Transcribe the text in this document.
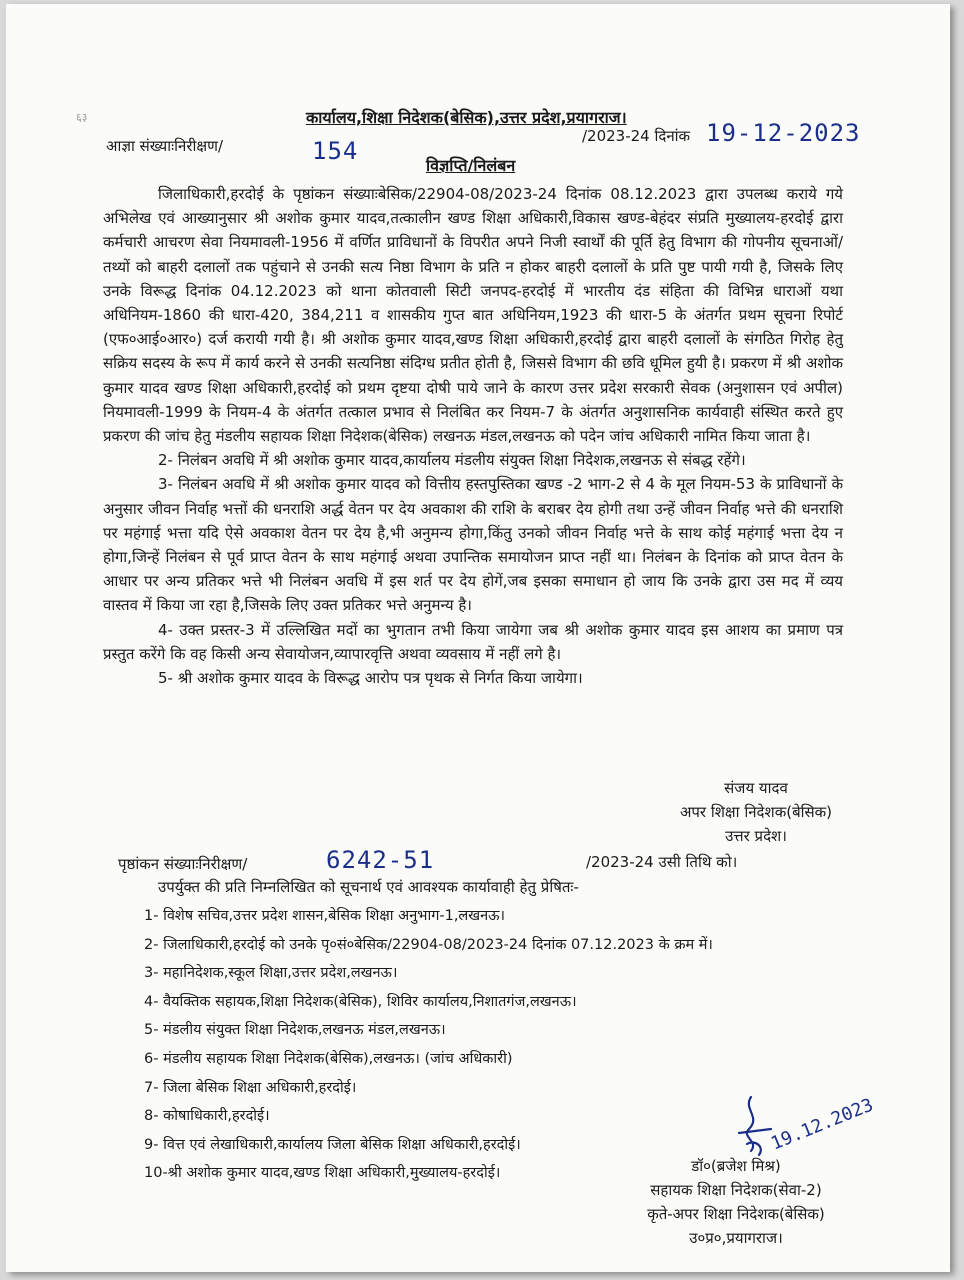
६३	कार्यालय,शिक्षा निदेशक(बेसिक),उत्तर प्रदेश,प्रयागराज।
आज्ञा संख्याःनिरीक्षण/	154
/2023-24 दिनांक 19-12-2023
विज्ञप्ति/निलंबन

जिलाधिकारी,हरदोई के पृष्ठांकन संख्याःबेसिक/22904-08/2023-24 दिनांक 08.12.2023 द्वारा उपलब्ध कराये गये अभिलेख एवं आख्यानुसार श्री अशोक कुमार यादव,तत्कालीन खण्ड शिक्षा अधिकारी,विकास खण्ड-बेहंदर संप्रति मुख्यालय-हरदोई द्वारा कर्मचारी आचरण सेवा नियमावली-1956 में वर्णित प्राविधानों के विपरीत अपने निजी स्वार्थों की पूर्ति हेतु विभाग की गोपनीय सूचनाओं/ तथ्यों को बाहरी दलालों तक पहुंचाने से उनकी सत्य निष्ठा विभाग के प्रति न होकर बाहरी दलालों के प्रति पुष्ट पायी गयी है, जिसके लिए उनके विरूद्ध दिनांक 04.12.2023 को थाना कोतवाली सिटी जनपद-हरदोई में भारतीय दंड संहिता की विभिन्न धाराओं यथा अधिनियम-1860 की धारा-420, 384,211 व शासकीय गुप्त बात अधिनियम,1923 की धारा-5 के अंतर्गत प्रथम सूचना रिपोर्ट (एफ०आई०आर०) दर्ज करायी गयी है। श्री अशोक कुमार यादव,खण्ड शिक्षा अधिकारी,हरदोई द्वारा बाहरी दलालों के संगठित गिरोह हेतु सक्रिय सदस्य के रूप में कार्य करने से उनकी सत्यनिष्ठा संदिग्ध प्रतीत होती है, जिससे विभाग की छवि धूमिल हुयी है। प्रकरण में श्री अशोक कुमार यादव खण्ड शिक्षा अधिकारी,हरदोई को प्रथम दृष्टया दोषी पाये जाने के कारण उत्तर प्रदेश सरकारी सेवक (अनुशासन एवं अपील) नियमावली-1999 के नियम-4 के अंतर्गत तत्काल प्रभाव से निलंबित कर नियम-7 के अंतर्गत अनुशासनिक कार्यवाही संस्थित करते हुए प्रकरण की जांच हेतु मंडलीय सहायक शिक्षा निदेशक(बेसिक) लखनऊ मंडल,लखनऊ को पदेन जांच अधिकारी नामित किया जाता है।

2- निलंबन अवधि में श्री अशोक कुमार यादव,कार्यालय मंडलीय संयुक्त शिक्षा निदेशक,लखनऊ से संबद्ध रहेंगे।

3- निलंबन अवधि में श्री अशोक कुमार यादव को वित्तीय हस्तपुस्तिका खण्ड -2 भाग-2 से 4 के मूल नियम-53 के प्राविधानों के अनुसार जीवन निर्वाह भत्तों की धनराशि अर्द्ध वेतन पर देय अवकाश की राशि के बराबर देय होगी तथा उन्हें जीवन निर्वाह भत्ते की धनराशि पर महंगाई भत्ता यदि ऐसे अवकाश वेतन पर देय है,भी अनुमन्य होगा,किंतु उनको जीवन निर्वाह भत्ते के साथ कोई महंगाई भत्ता देय न होगा,जिन्हें निलंबन से पूर्व प्राप्त वेतन के साथ महंगाई अथवा उपान्तिक समायोजन प्राप्त नहीं था। निलंबन के दिनांक को प्राप्त वेतन के आधार पर अन्य प्रतिकर भत्ते भी निलंबन अवधि में इस शर्त पर देय होगें,जब इसका समाधान हो जाय कि उनके द्वारा उस मद में व्यय वास्तव में किया जा रहा है,जिसके लिए उक्त प्रतिकर भत्ते अनुमन्य है।

4- उक्त प्रस्तर-3 में उल्लिखित मदों का भुगतान तभी किया जायेगा जब श्री अशोक कुमार यादव इस आशय का प्रमाण पत्र प्रस्तुत करेंगे कि वह किसी अन्य सेवायोजन,व्यापारवृत्ति अथवा व्यवसाय में नहीं लगे है।

5- श्री अशोक कुमार यादव के विरूद्ध आरोप पत्र पृथक से निर्गत किया जायेगा।

संजय यादव
अपर शिक्षा निदेशक(बेसिक)
उत्तर प्रदेश।
पृष्ठांकन संख्याःनिरीक्षण/	6242-51	/2023-24 उसी तिथि को।
उपर्युक्त की प्रति निम्नलिखित को सूचनार्थ एवं आवश्यक कार्यावाही हेतु प्रेषितः-
1- विशेष सचिव,उत्तर प्रदेश शासन,बेसिक शिक्षा अनुभाग-1,लखनऊ।
2- जिलाधिकारी,हरदोई को उनके पृ०सं०बेसिक/22904-08/2023-24 दिनांक 07.12.2023 के क्रम में।
3- महानिदेशक,स्कूल शिक्षा,उत्तर प्रदेश,लखनऊ।
4- वैयक्तिक सहायक,शिक्षा निदेशक(बेसिक), शिविर कार्यालय,निशातगंज,लखनऊ।
5- मंडलीय संयुक्त शिक्षा निदेशक,लखनऊ मंडल,लखनऊ।
6- मंडलीय सहायक शिक्षा निदेशक(बेसिक),लखनऊ। (जांच अधिकारी)
7- जिला बेसिक शिक्षा अधिकारी,हरदोई।
8- कोषाधिकारी,हरदोई।
9- वित्त एवं लेखाधिकारी,कार्यालय जिला बेसिक शिक्षा अधिकारी,हरदोई।
10-श्री अशोक कुमार यादव,खण्ड शिक्षा अधिकारी,मुख्यालय-हरदोई।
19.12.2023
डॉ०(ब्रजेश मिश्र)
सहायक शिक्षा निदेशक(सेवा-2)
कृते-अपर शिक्षा निदेशक(बेसिक)
उ०प्र०,प्रयागराज।
